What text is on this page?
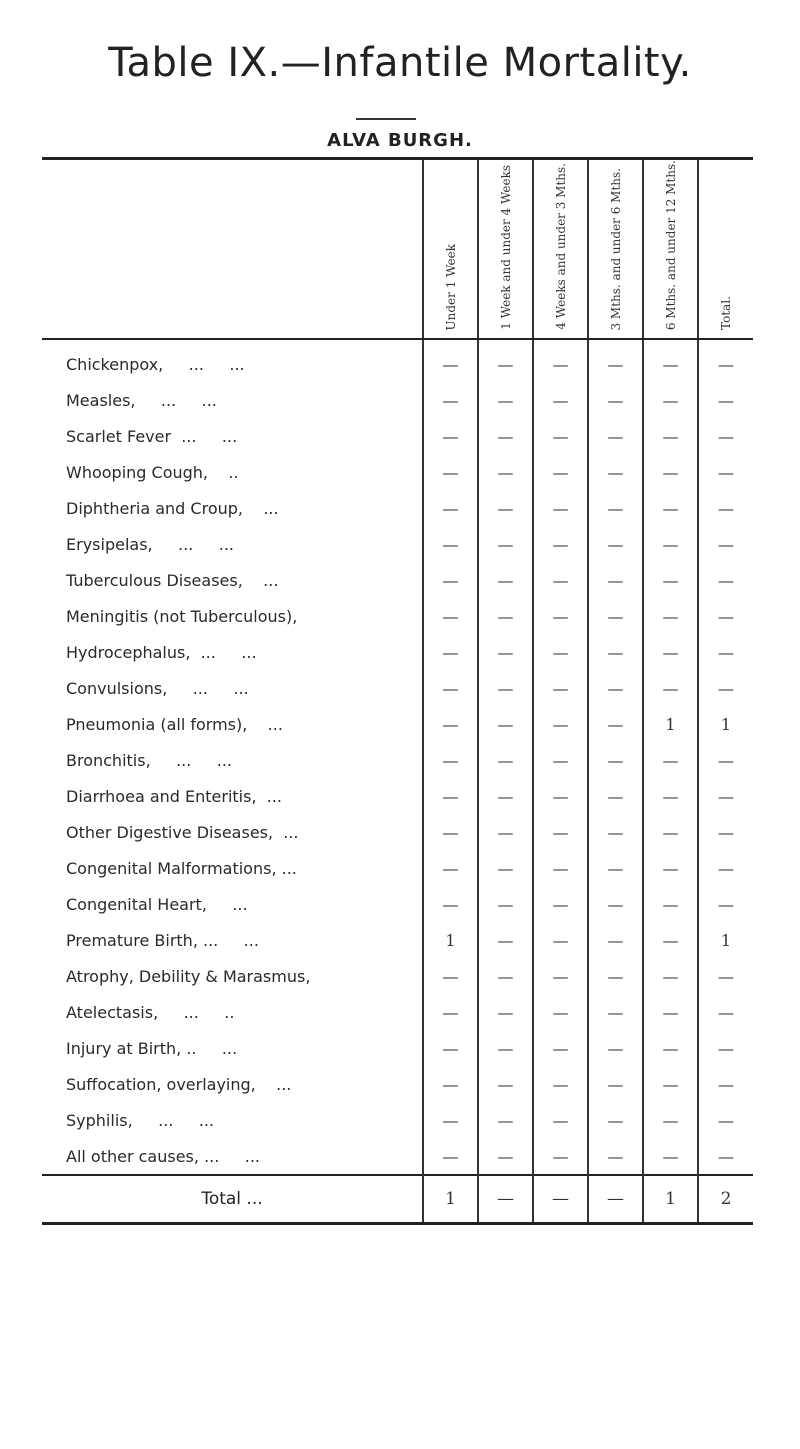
Table IX.—Infantile Mortality.
ALVA BURGH.

	Under 1 Week	1 Week and under 4 Weeks	4 Weeks and under 3 Mths.	3 Mths. and under 6 Mths.	6 Mths. and under 12 Mths.	Total.

Chickenpox,     ...     ...	—	—	—	—	—	—
Measles,     ...     ...	—	—	—	—	—	—
Scarlet Fever  ...     ...	—	—	—	—	—	—
Whooping Cough,    ..	—	—	—	—	—	—
Diphtheria and Croup,    ...	—	—	—	—	—	—
Erysipelas,     ...     ...	—	—	—	—	—	—
Tuberculous Diseases,    ...	—	—	—	—	—	—
Meningitis (not Tuberculous),	—	—	—	—	—	—
Hydrocephalus,  ...     ...	—	—	—	—	—	—
Convulsions,     ...     ...	—	—	—	—	—	—
Pneumonia (all forms),    ...	—	—	—	—	1	1
Bronchitis,     ...     ...	—	—	—	—	—	—
Diarrhoea and Enteritis,  ...	—	—	—	—	—	—
Other Digestive Diseases,  ...	—	—	—	—	—	—
Congenital Malformations, ...	—	—	—	—	—	—
Congenital Heart,     ...	—	—	—	—	—	—
Premature Birth, ...     ...	1	—	—	—	—	1
Atrophy, Debility & Marasmus,	—	—	—	—	—	—
Atelectasis,     ...     ..	—	—	—	—	—	—
Injury at Birth, ..     ...	—	—	—	—	—	—
Suffocation, overlaying,    ...	—	—	—	—	—	—
Syphilis,     ...     ...	—	—	—	—	—	—
All other causes, ...     ...	—	—	—	—	—	—
Total ...	1	—	—	—	1	2
